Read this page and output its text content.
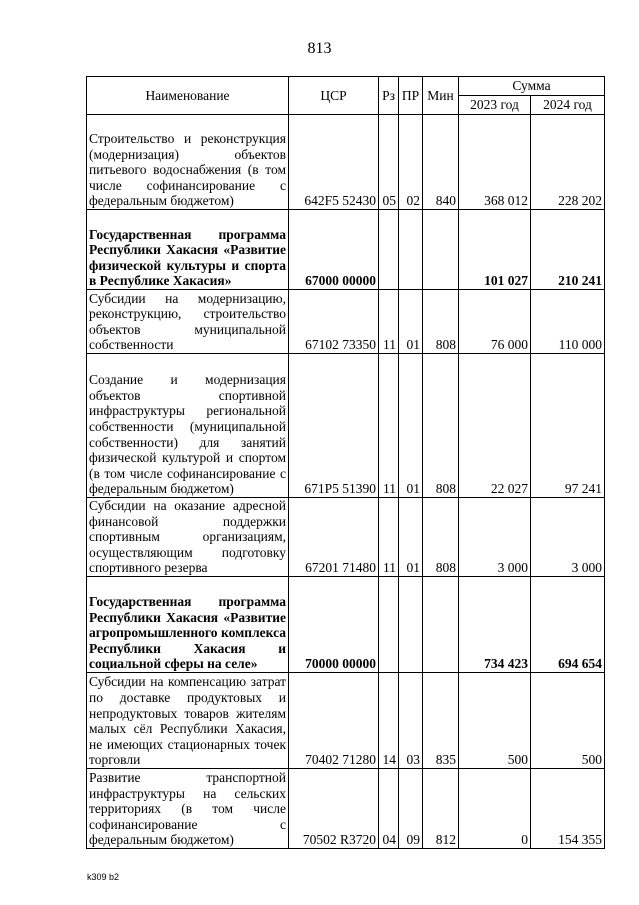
813
Наименование	ЦСР	Рз	ПР	Мин	Сумма	
					2023 год	2024 год
Строительство и реконструкция (модернизация) объектов питьевого водоснабжения (в том числе софинансирование с федеральным бюджетом)	642F5 52430	05	02	840	368 012	228 202
Государственная программа Республики Хакасия «Развитие физической культуры и спорта в Республике Хакасия»	67000 00000				101 027	210 241
Субсидии на модернизацию, реконструкцию, строительство объектов муниципальной собственности	67102 73350	11	01	808	76 000	110 000
Создание и модернизация объектов спортивной инфраструктуры региональной собственности (муниципальной собственности) для занятий физической культурой и спортом (в том числе софинансирование с федеральным бюджетом)	671P5 51390	11	01	808	22 027	97 241
Субсидии на оказание адресной финансовой поддержки спортивным организациям, осуществляющим подготовку спортивного резерва	67201 71480	11	01	808	3 000	3 000
Государственная программа Республики Хакасия «Развитие агропромышленного комплекса Республики Хакасия и социальной сферы на селе»	70000 00000				734 423	694 654
Субсидии на компенсацию затрат по доставке продуктовых и непродуктовых товаров жителям малых сёл Республики Хакасия, не имеющих стационарных точек торговли	70402 71280	14	03	835	500	500
Развитие транспортной инфраструктуры на сельских территориях (в том числе софинансирование с федеральным бюджетом)	70502 R3720	04	09	812	0	154 355
k309 b2
